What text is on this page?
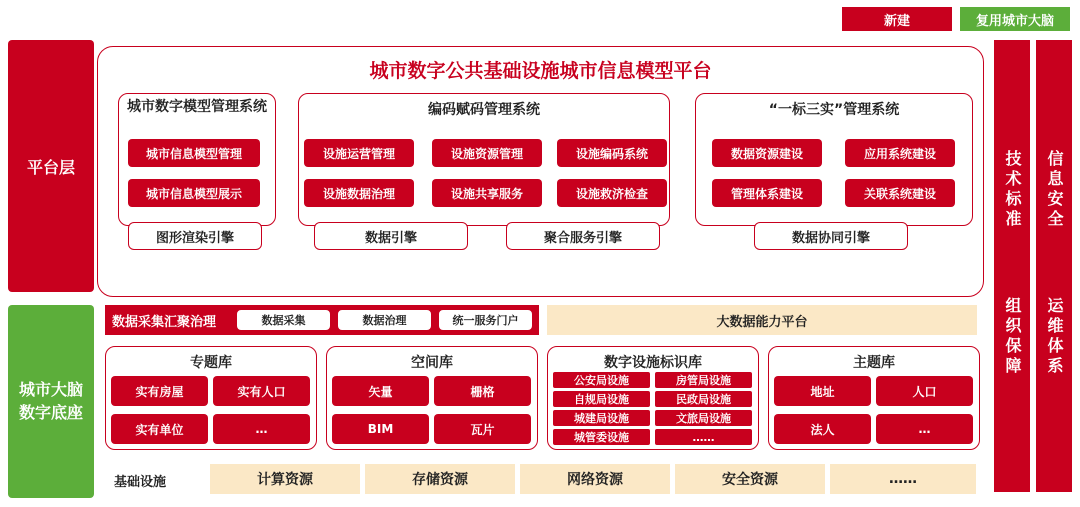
新建	复用城市大脑
平台层
城市大脑数字底座
城市数字公共基础设施城市信息模型平台
城市数字模型管理系统
城市信息模型管理
城市信息模型展示
图形渲染引擎
编码赋码管理系统
设施运营管理	设施资源管理	设施编码系统
设施数据治理	设施共享服务	设施救济检查
数据引擎	聚合服务引擎
“一标三实”管理系统
数据资源建设	应用系统建设
管理体系建设	关联系统建设
数据协同引擎
数据采集汇聚治理	数据采集	数据治理	统一服务门户	大数据能力平台
专题库
实有房屋	实有人口
实有单位	…
空间库
矢量	栅格
BIM	瓦片
数字设施标识库
公安局设施	房管局设施
自规局设施	民政局设施
城建局设施	文旅局设施
城管委设施	……
主题库
地址	人口
法人	…
基础设施	计算资源	存储资源	网络资源	安全资源	……
技术标准
组织保障
信息安全
运维体系
